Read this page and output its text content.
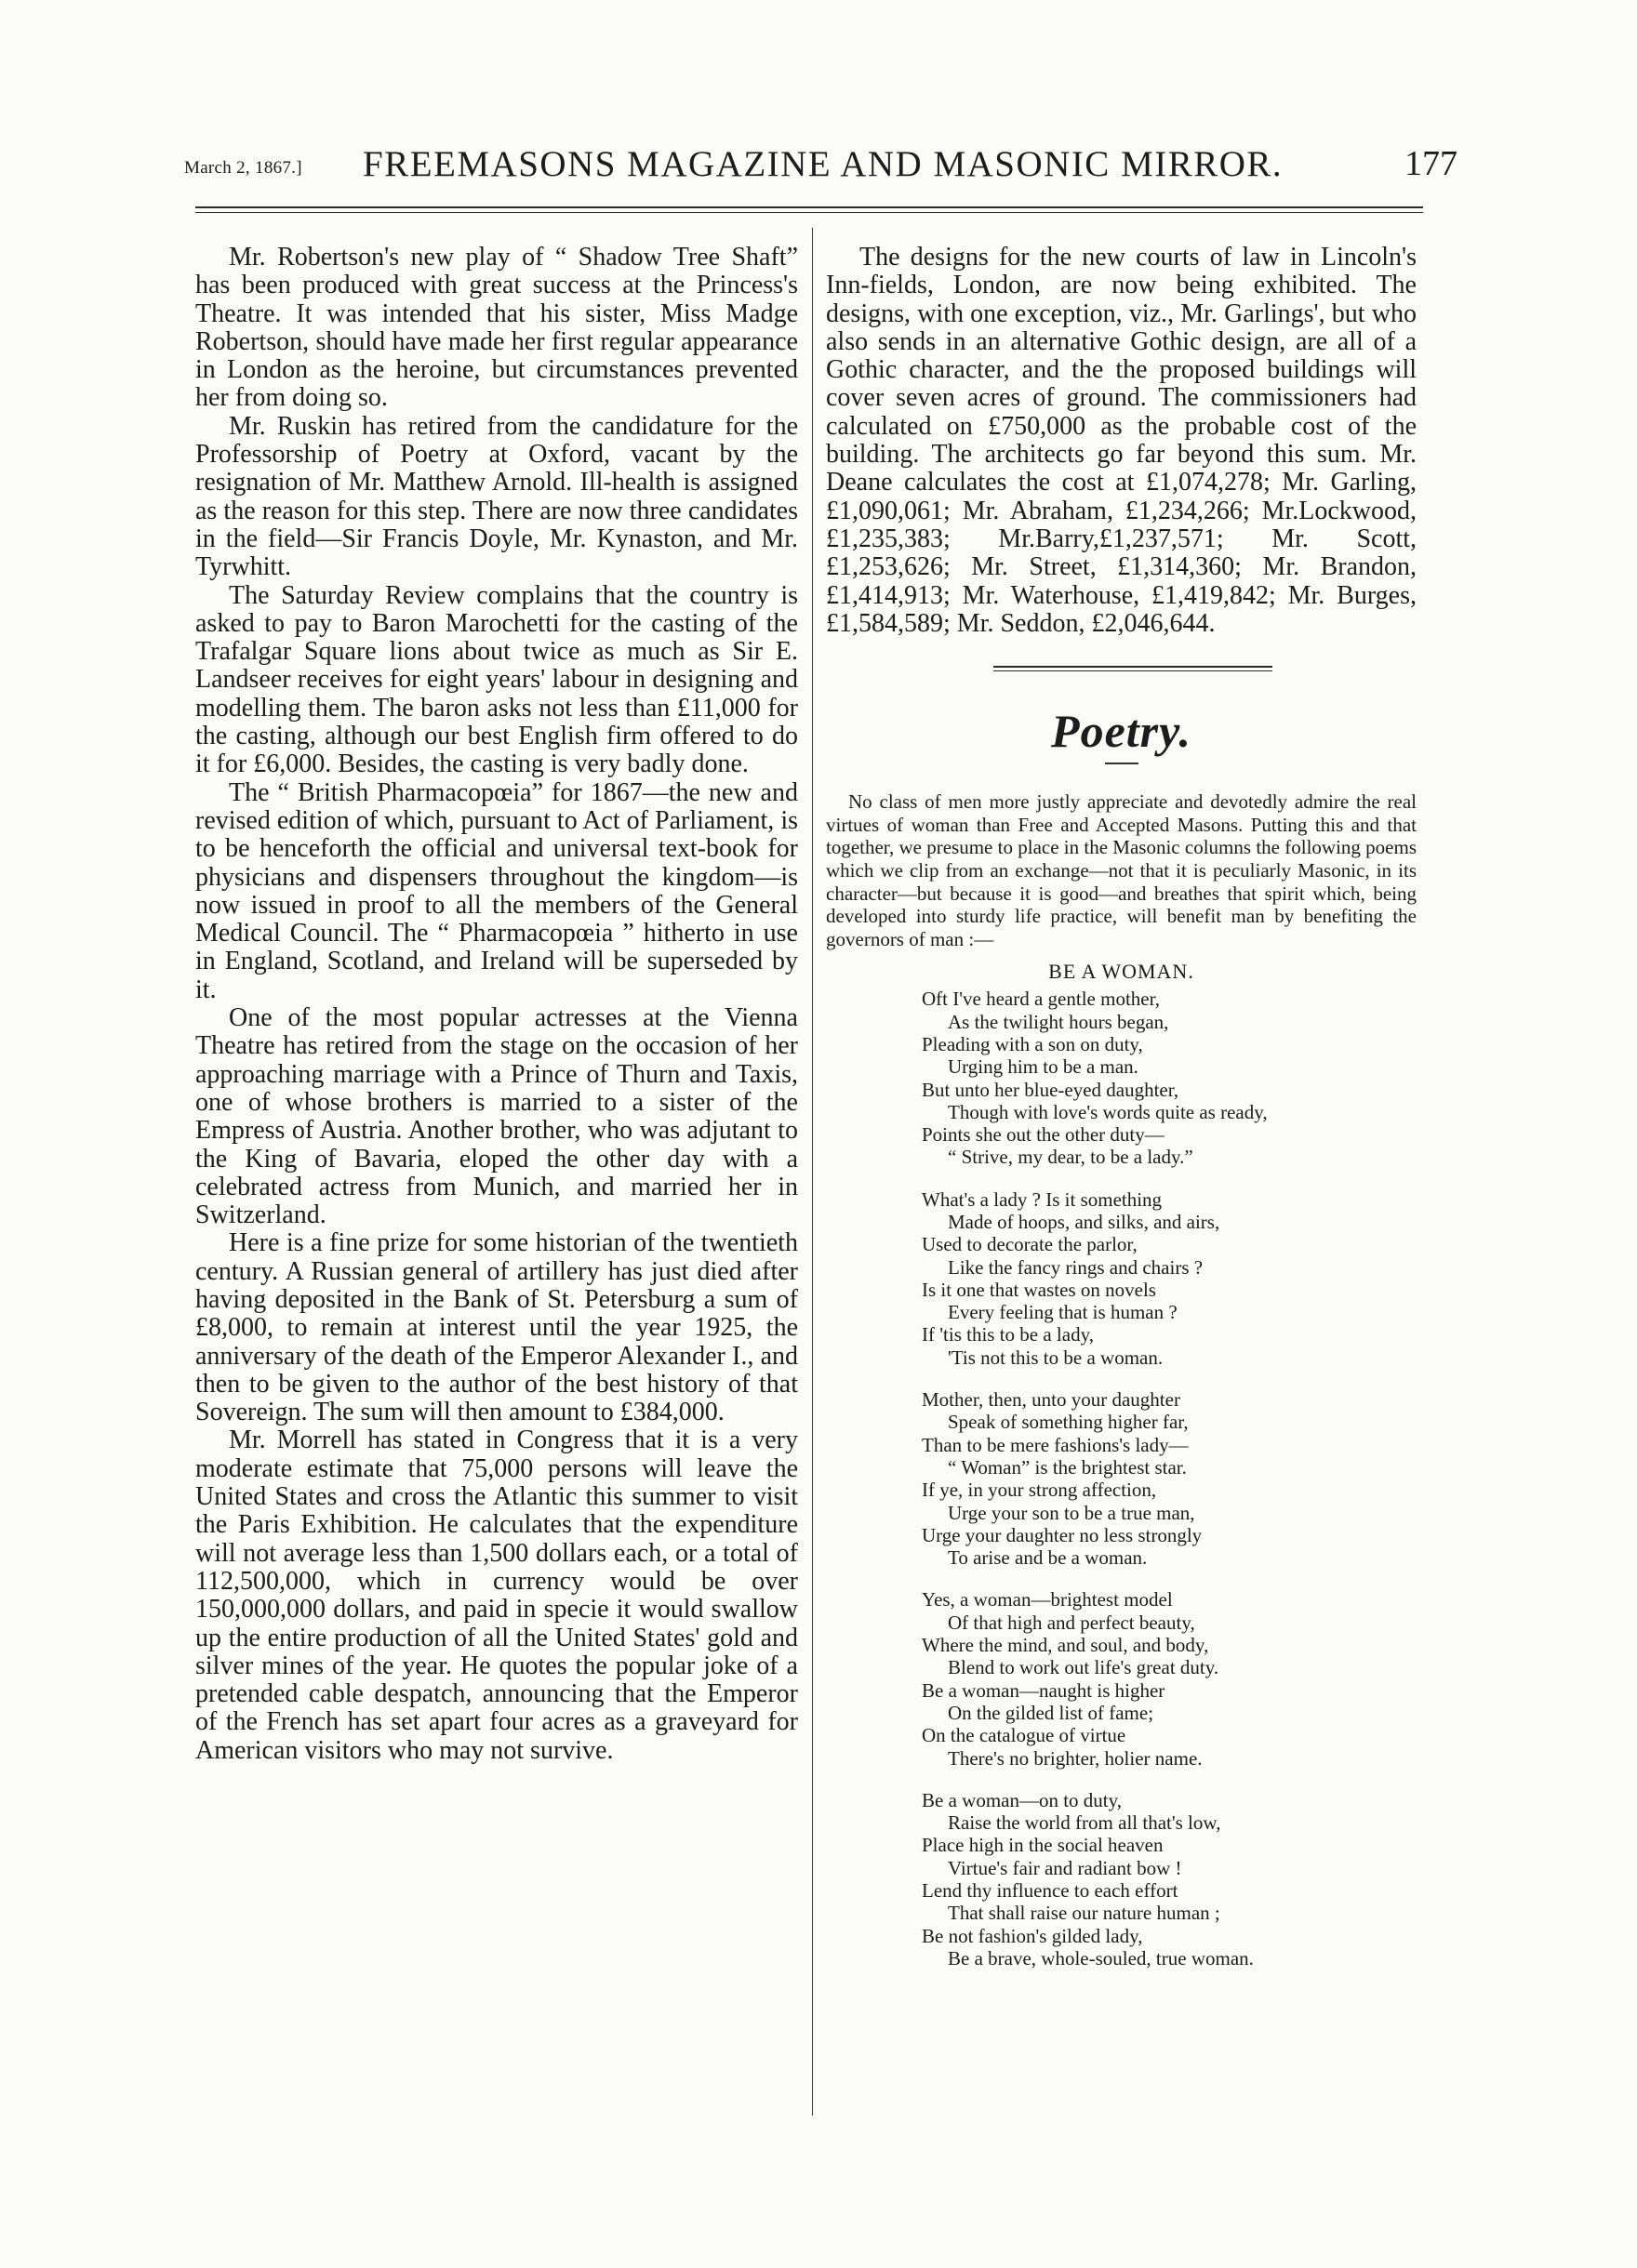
March 2, 1867.] FREEMASONS MAGAZINE AND MASONIC MIRROR.	177

Mr. Robertson's new play of “ Shadow Tree Shaft” has been produced with great success at the Princess's Theatre. It was intended that his sister, Miss Madge Robertson, should have made her first regular appearance in London as the heroine, but circumstances prevented her from doing so.

Mr. Ruskin has retired from the candidature for the Professorship of Poetry at Oxford, vacant by the resignation of Mr. Matthew Arnold. Ill-health is assigned as the reason for this step. There are now three candidates in the field—Sir Francis Doyle, Mr. Kynaston, and Mr. Tyrwhitt.

The Saturday Review complains that the country is asked to pay to Baron Marochetti for the casting of the Trafalgar Square lions about twice as much as Sir E. Landseer receives for eight years' labour in designing and modelling them. The baron asks not less than £11,000 for the casting, although our best English firm offered to do it for £6,000. Besides, the casting is very badly done.

The “ British Pharmacopœia” for 1867—the new and revised edition of which, pursuant to Act of Parliament, is to be henceforth the official and universal text-book for physicians and dispensers throughout the kingdom—is now issued in proof to all the members of the General Medical Council. The “ Pharmacopœia ” hitherto in use in England, Scotland, and Ireland will be superseded by it.

One of the most popular actresses at the Vienna Theatre has retired from the stage on the occasion of her approaching marriage with a Prince of Thurn and Taxis, one of whose brothers is married to a sister of the Empress of Austria. Another brother, who was adjutant to the King of Bavaria, eloped the other day with a celebrated actress from Munich, and married her in Switzerland.

Here is a fine prize for some historian of the twentieth century. A Russian general of artillery has just died after having deposited in the Bank of St. Petersburg a sum of £8,000, to remain at interest until the year 1925, the anniversary of the death of the Emperor Alexander I., and then to be given to the author of the best history of that Sovereign. The sum will then amount to £384,000.

Mr. Morrell has stated in Congress that it is a very moderate estimate that 75,000 persons will leave the United States and cross the Atlantic this summer to visit the Paris Exhibition. He calculates that the expenditure will not average less than 1,500 dollars each, or a total of 112,500,000, which in currency would be over 150,000,000 dollars, and paid in specie it would swallow up the entire production of all the United States' gold and silver mines of the year. He quotes the popular joke of a pretended cable despatch, announcing that the Emperor of the French has set apart four acres as a graveyard for American visitors who may not survive.

The designs for the new courts of law in Lincoln's Inn-fields, London, are now being exhibited. The designs, with one exception, viz., Mr. Garlings', but who also sends in an alternative Gothic design, are all of a Gothic character, and the the proposed buildings will cover seven acres of ground. The commissioners had calculated on £750,000 as the probable cost of the building. The architects go far beyond this sum. Mr. Deane calculates the cost at £1,074,278; Mr. Garling, £1,090,061; Mr. Abraham, £1,234,266; Mr.Lockwood,£1,235,383; Mr.Barry,£1,237,571; Mr. Scott, £1,253,626; Mr. Street, £1,314,360; Mr. Brandon, £1,414,913; Mr. Waterhouse, £1,419,842; Mr. Burges, £1,584,589; Mr. Seddon, £2,046,644.

Poetry.

No class of men more justly appreciate and devotedly admire the real virtues of woman than Free and Accepted Masons. Putting this and that together, we presume to place in the Masonic columns the following poems which we clip from an exchange—not that it is peculiarly Masonic, in its character—but because it is good—and breathes that spirit which, being developed into sturdy life practice, will benefit man by benefiting the governors of man :—

BE A WOMAN.
Oft I've heard a gentle mother,
As the twilight hours began,
Pleading with a son on duty,
Urging him to be a man.
But unto her blue-eyed daughter,
Though with love's words quite as ready,
Points she out the other duty—
“ Strive, my dear, to be a lady.”
What's a lady ? Is it something
Made of hoops, and silks, and airs,
Used to decorate the parlor,
Like the fancy rings and chairs ?
Is it one that wastes on novels
Every feeling that is human ?
If 'tis this to be a lady,
'Tis not this to be a woman.
Mother, then, unto your daughter
Speak of something higher far,
Than to be mere fashions's lady—
“ Woman” is the brightest star.
If ye, in your strong affection,
Urge your son to be a true man,
Urge your daughter no less strongly
To arise and be a woman.
Yes, a woman—brightest model
Of that high and perfect beauty,
Where the mind, and soul, and body,
Blend to work out life's great duty.
Be a woman—naught is higher
On the gilded list of fame;
On the catalogue of virtue
There's no brighter, holier name.
Be a woman—on to duty,
Raise the world from all that's low,
Place high in the social heaven
Virtue's fair and radiant bow !
Lend thy influence to each effort
That shall raise our nature human ;
Be not fashion's gilded lady,
Be a brave, whole-souled, true woman.
